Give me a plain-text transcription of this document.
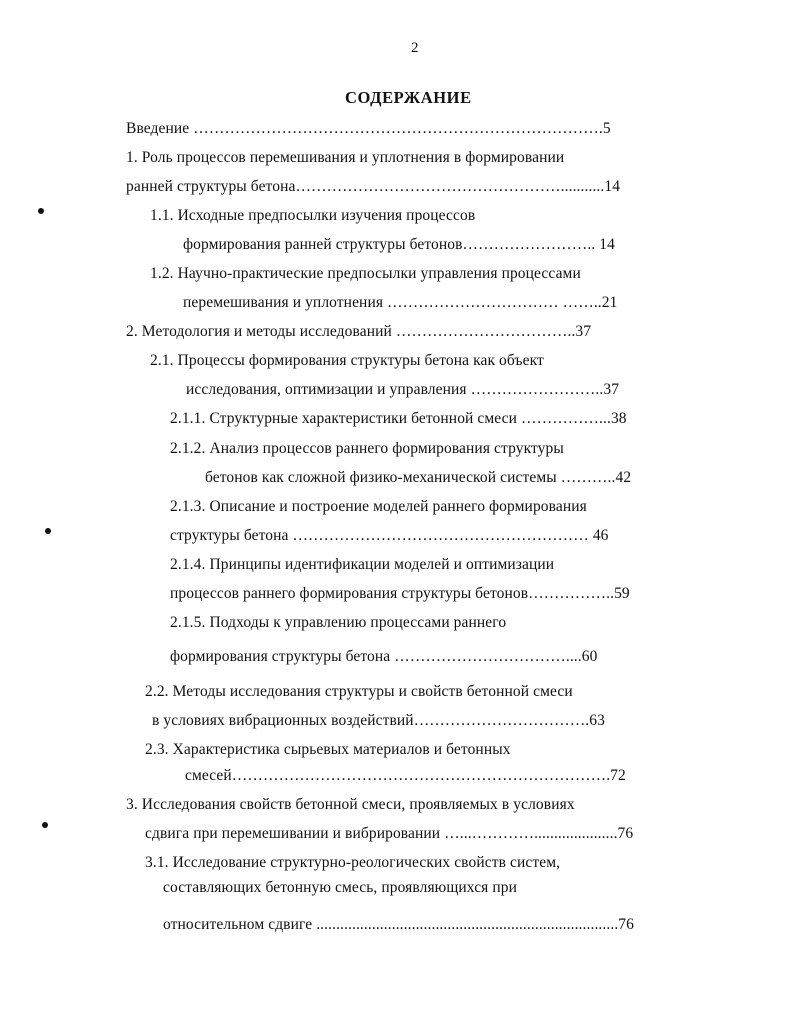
2
СОДЕРЖАНИЕ
Введение …………………………………………………………………….5
1. Роль процессов перемешивания и уплотнения в формировании
ранней структуры бетона……………………………………………...........14
1.1. Исходные предпосылки изучения процессов
формирования ранней структуры бетонов…………………….. 14
1.2. Научно-практические предпосылки управления процессами
перемешивания и уплотнения …………………………… ……..21
2. Методология и методы исследований ……………………………..37
2.1. Процессы формирования структуры бетона как объект
исследования, оптимизации и управления ……………………..37
2.1.1. Структурные характеристики бетонной смеси ……………...38
2.1.2. Анализ процессов раннего формирования структуры
бетонов как сложной физико-механической системы ………..42
2.1.3. Описание и построение моделей раннего формирования
структуры бетона ………………………………………………… 46
2.1.4. Принципы идентификации моделей и оптимизации
процессов раннего формирования структуры бетонов……………..59
2.1.5. Подходы к управлению процессами раннего
формирования структуры бетона ……………………………....60
2.2. Методы исследования структуры и свойств бетонной смеси
в условиях вибрационных воздействий…………………………….63
2.3. Характеристика сырьевых материалов и бетонных
смесей……………………………………………………………….72
3. Исследования свойств бетонной смеси, проявляемых в условиях
сдвига при перемешивании и вибрировании …...………….....................76
3.1. Исследование структурно-реологических свойств систем,
составляющих бетонную смесь, проявляющихся при
относительном сдвиге ............................................................................76
